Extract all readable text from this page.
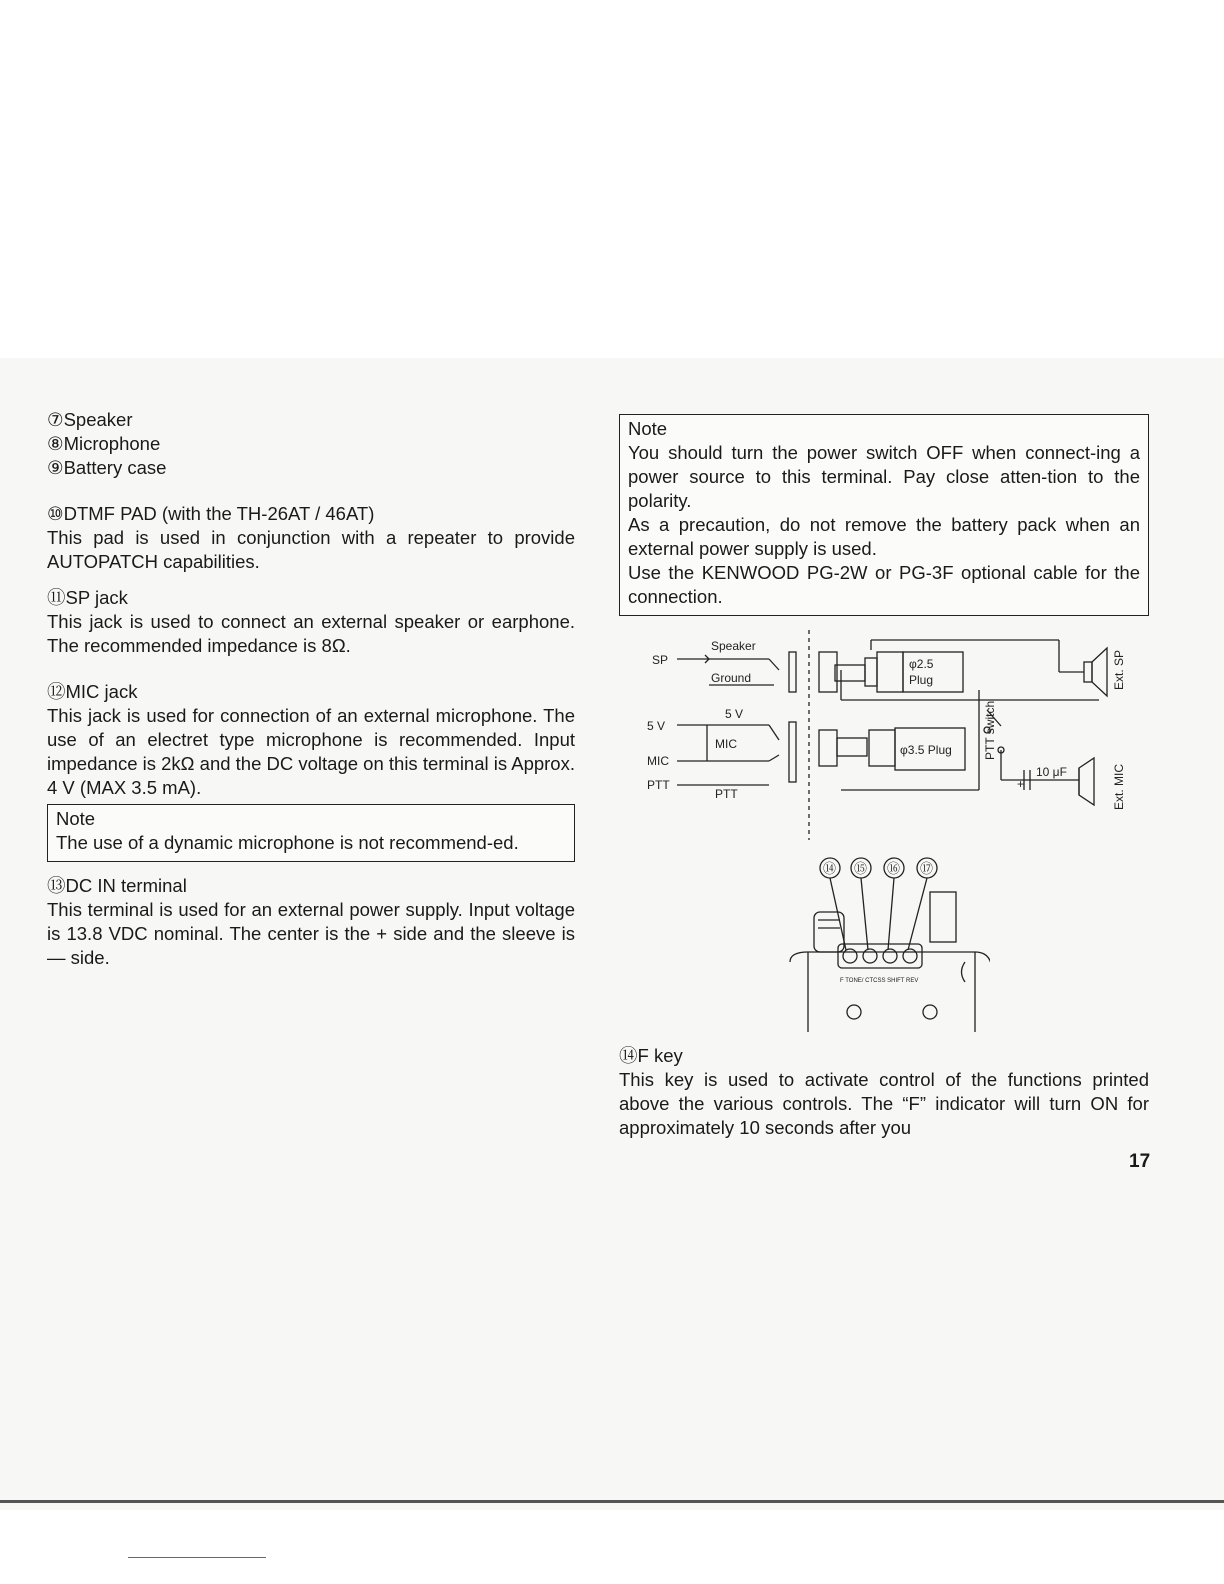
⑦Speaker
⑧Microphone
⑨Battery case
⑩DTMF PAD (with the TH-26AT / 46AT)

This pad is used in conjunction with a repeater to provide AUTOPATCH capabilities.

⑪SP jack

This jack is used to connect an external speaker or earphone. The recommended impedance is 8Ω.

⑫MIC jack

This jack is used for connection of an external microphone. The use of an electret type microphone is recommended. Input impedance is 2kΩ and the DC voltage on this terminal is Approx. 4 V (MAX 3.5 mA).

Note

The use of a dynamic microphone is not recommend-ed.

⑬DC IN terminal

This terminal is used for an external power supply. Input voltage is 13.8 VDC nominal. The center is the + side and the sleeve is — side.

Note

You should turn the power switch OFF when connect-ing a power source to this terminal. Pay close atten-tion to the polarity.

As a precaution, do not remove the battery pack when an external power supply is used.

Use the KENWOOD PG-2W or PG-3F optional cable for the connection.

SP
Speaker
Ground
φ2.5
Plug	Ext. SP
5 V
5 V
MIC
MIC
PTT
PTT
φ3.5 Plug	PTT switch
10 μF
+	Ext. MIC
⑭ ⑮ ⑯ ⑰
F TONE/ CTCSS SHIFT REV
⑭F key

This key is used to activate control of the functions printed above the various controls. The “F” indicator will turn ON for approximately 10 seconds after you

17
